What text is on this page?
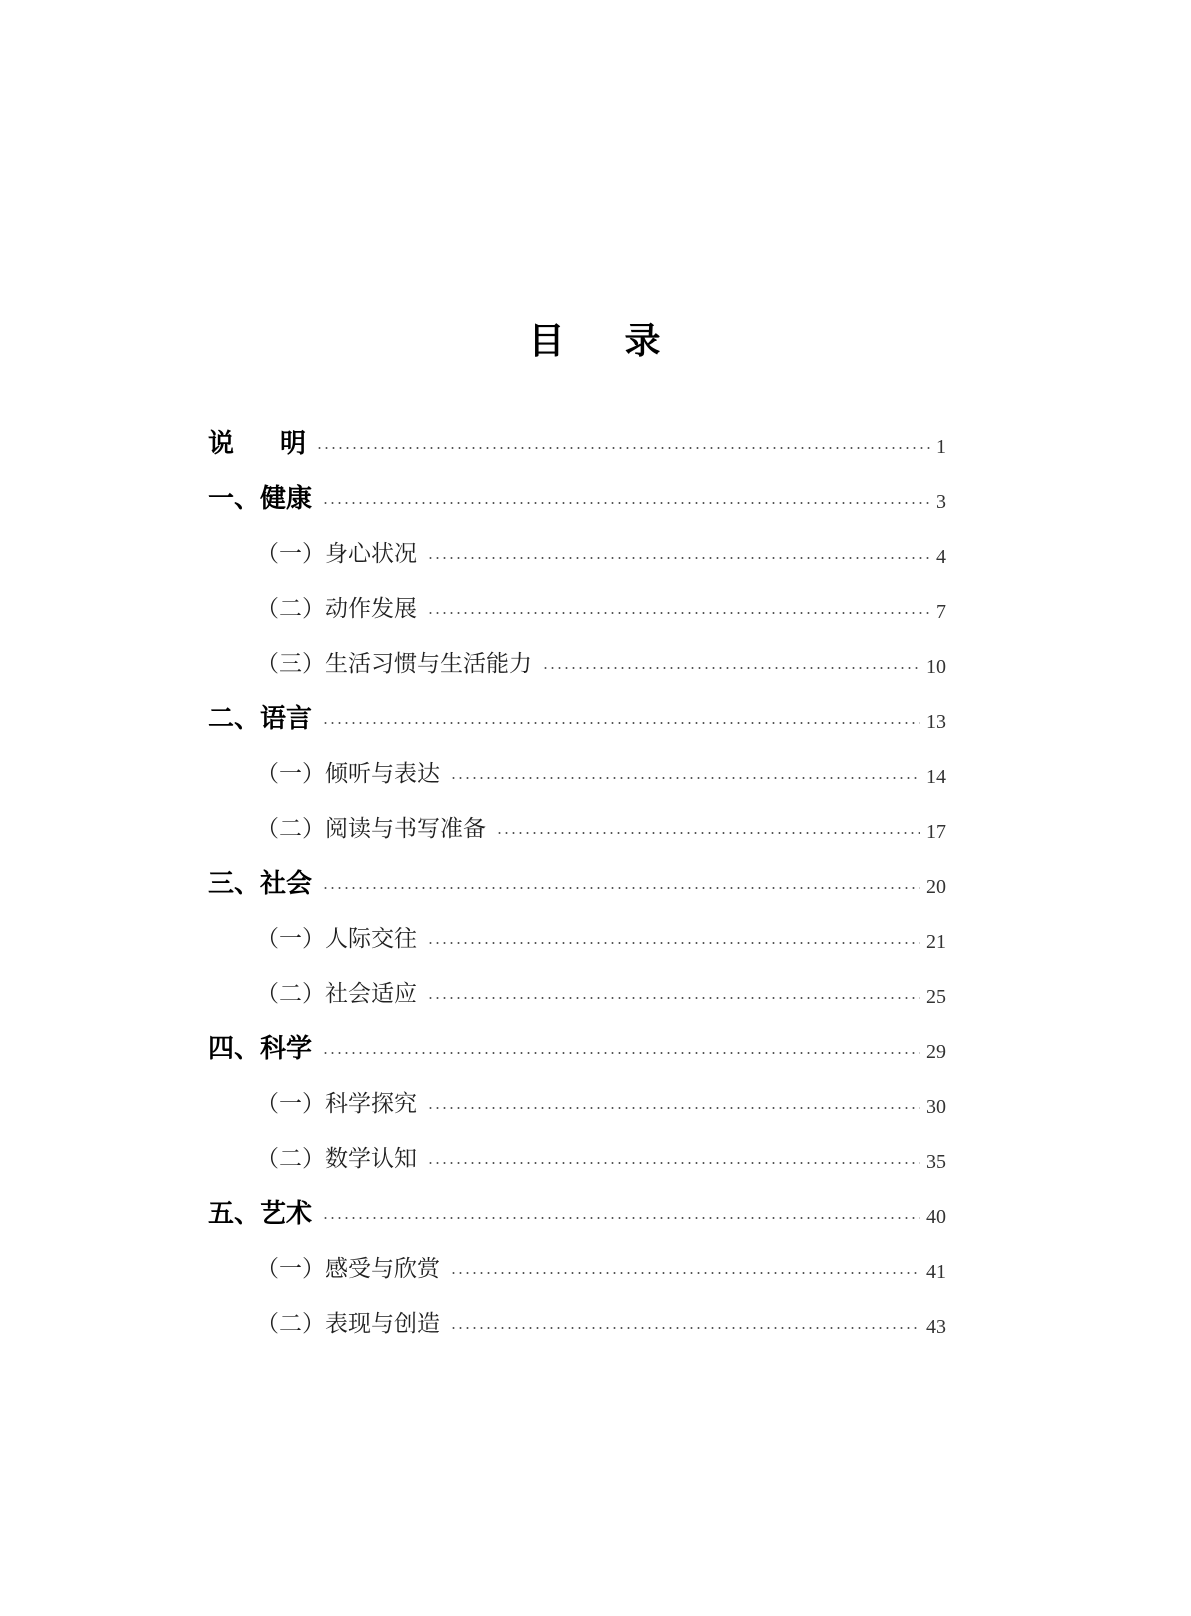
目 录
说 明	1
一、健康	3
（一）身心状况	4
（二）动作发展	7
（三）生活习惯与生活能力	10
二、语言	13
（一）倾听与表达	14
（二）阅读与书写准备	17
三、社会	20
（一）人际交往	21
（二）社会适应	25
四、科学	29
（一）科学探究	30
（二）数学认知	35
五、艺术	40
（一）感受与欣赏	41
（二）表现与创造	43
